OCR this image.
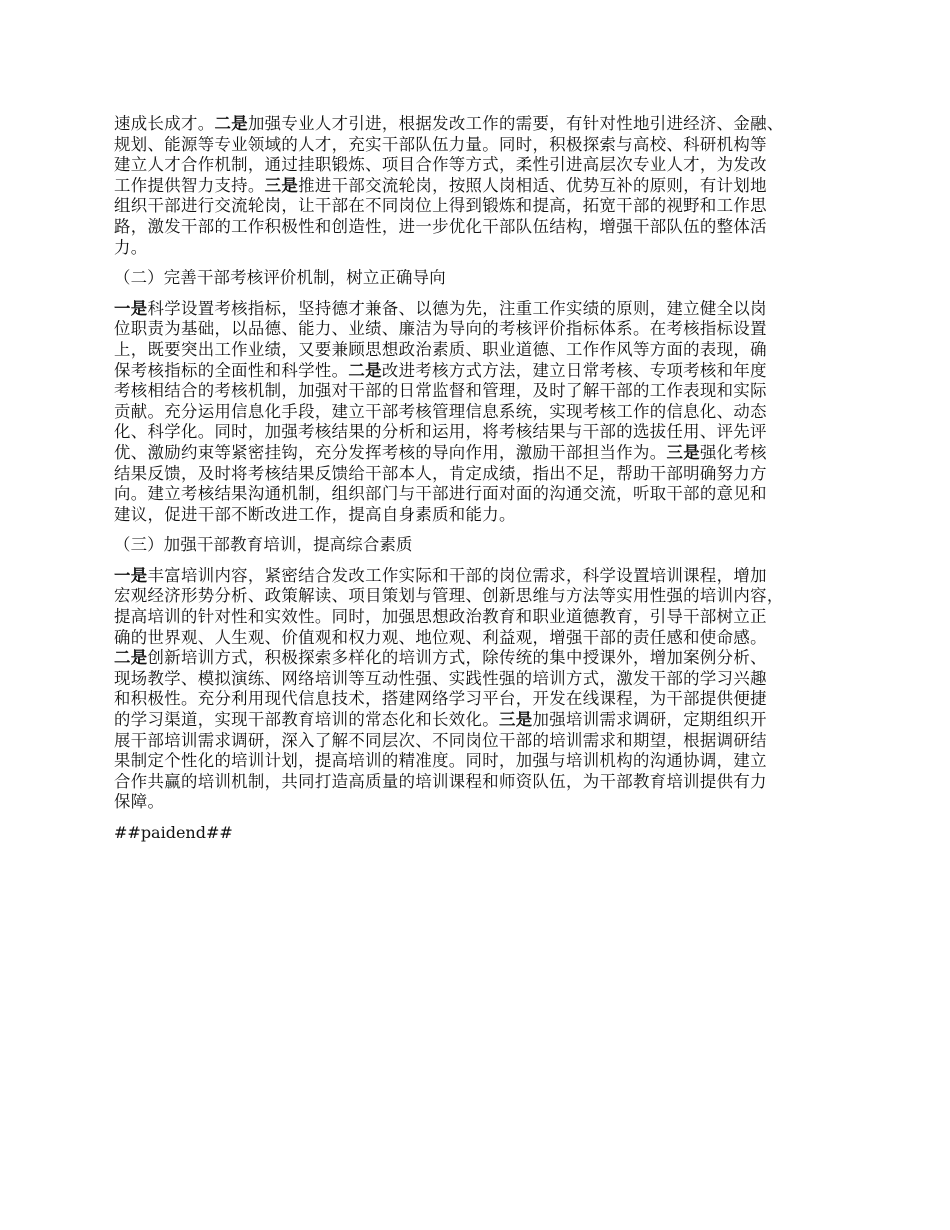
速成长成才。二是加强专业人才引进，根据发改工作的需要，有针对性地引进经济、金融、
规划、能源等专业领域的人才，充实干部队伍力量。同时，积极探索与高校、科研机构等
建立人才合作机制，通过挂职锻炼、项目合作等方式，柔性引进高层次专业人才，为发改
工作提供智力支持。三是推进干部交流轮岗，按照人岗相适、优势互补的原则，有计划地
组织干部进行交流轮岗，让干部在不同岗位上得到锻炼和提高，拓宽干部的视野和工作思
路，激发干部的工作积极性和创造性，进一步优化干部队伍结构，增强干部队伍的整体活
力。
（二）完善干部考核评价机制，树立正确导向
一是科学设置考核指标，坚持德才兼备、以德为先，注重工作实绩的原则，建立健全以岗
位职责为基础，以品德、能力、业绩、廉洁为导向的考核评价指标体系。在考核指标设置
上，既要突出工作业绩，又要兼顾思想政治素质、职业道德、工作作风等方面的表现，确
保考核指标的全面性和科学性。二是改进考核方式方法，建立日常考核、专项考核和年度
考核相结合的考核机制，加强对干部的日常监督和管理，及时了解干部的工作表现和实际
贡献。充分运用信息化手段，建立干部考核管理信息系统，实现考核工作的信息化、动态
化、科学化。同时，加强考核结果的分析和运用，将考核结果与干部的选拔任用、评先评
优、激励约束等紧密挂钩，充分发挥考核的导向作用，激励干部担当作为。三是强化考核
结果反馈，及时将考核结果反馈给干部本人，肯定成绩，指出不足，帮助干部明确努力方
向。建立考核结果沟通机制，组织部门与干部进行面对面的沟通交流，听取干部的意见和
建议，促进干部不断改进工作，提高自身素质和能力。
（三）加强干部教育培训，提高综合素质
一是丰富培训内容，紧密结合发改工作实际和干部的岗位需求，科学设置培训课程，增加
宏观经济形势分析、政策解读、项目策划与管理、创新思维与方法等实用性强的培训内容，
提高培训的针对性和实效性。同时，加强思想政治教育和职业道德教育，引导干部树立正
确的世界观、人生观、价值观和权力观、地位观、利益观，增强干部的责任感和使命感。
二是创新培训方式，积极探索多样化的培训方式，除传统的集中授课外，增加案例分析、
现场教学、模拟演练、网络培训等互动性强、实践性强的培训方式，激发干部的学习兴趣
和积极性。充分利用现代信息技术，搭建网络学习平台，开发在线课程，为干部提供便捷
的学习渠道，实现干部教育培训的常态化和长效化。三是加强培训需求调研，定期组织开
展干部培训需求调研，深入了解不同层次、不同岗位干部的培训需求和期望，根据调研结
果制定个性化的培训计划，提高培训的精准度。同时，加强与培训机构的沟通协调，建立
合作共赢的培训机制，共同打造高质量的培训课程和师资队伍，为干部教育培训提供有力
保障。
##paidend##
